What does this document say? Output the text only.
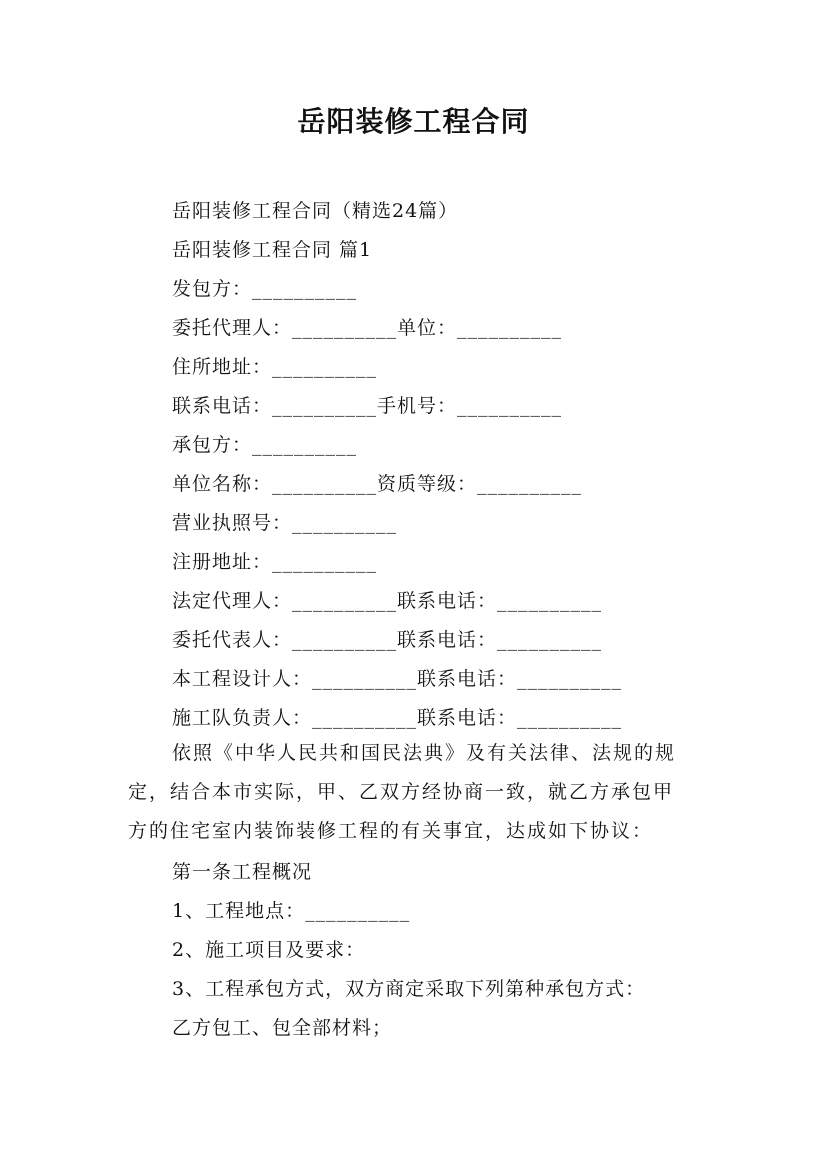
岳阳装修工程合同
岳阳装修工程合同（精选24篇）
岳阳装修工程合同 篇1
发包方：__________
委托代理人：__________单位：__________
住所地址：__________
联系电话：__________手机号：__________
承包方：__________
单位名称：__________资质等级：__________
营业执照号：__________
注册地址：__________
法定代理人：__________联系电话：__________
委托代表人：__________联系电话：__________
本工程设计人：__________联系电话：__________
施工队负责人：__________联系电话：__________
依照《中华人民共和国民法典》及有关法律、法规的规定，结合本市实际，甲、乙双方经协商一致，就乙方承包甲方的住宅室内装饰装修工程的有关事宜，达成如下协议：
第一条工程概况
1、工程地点：__________
2、施工项目及要求：
3、工程承包方式，双方商定采取下列第种承包方式：
乙方包工、包全部材料；
